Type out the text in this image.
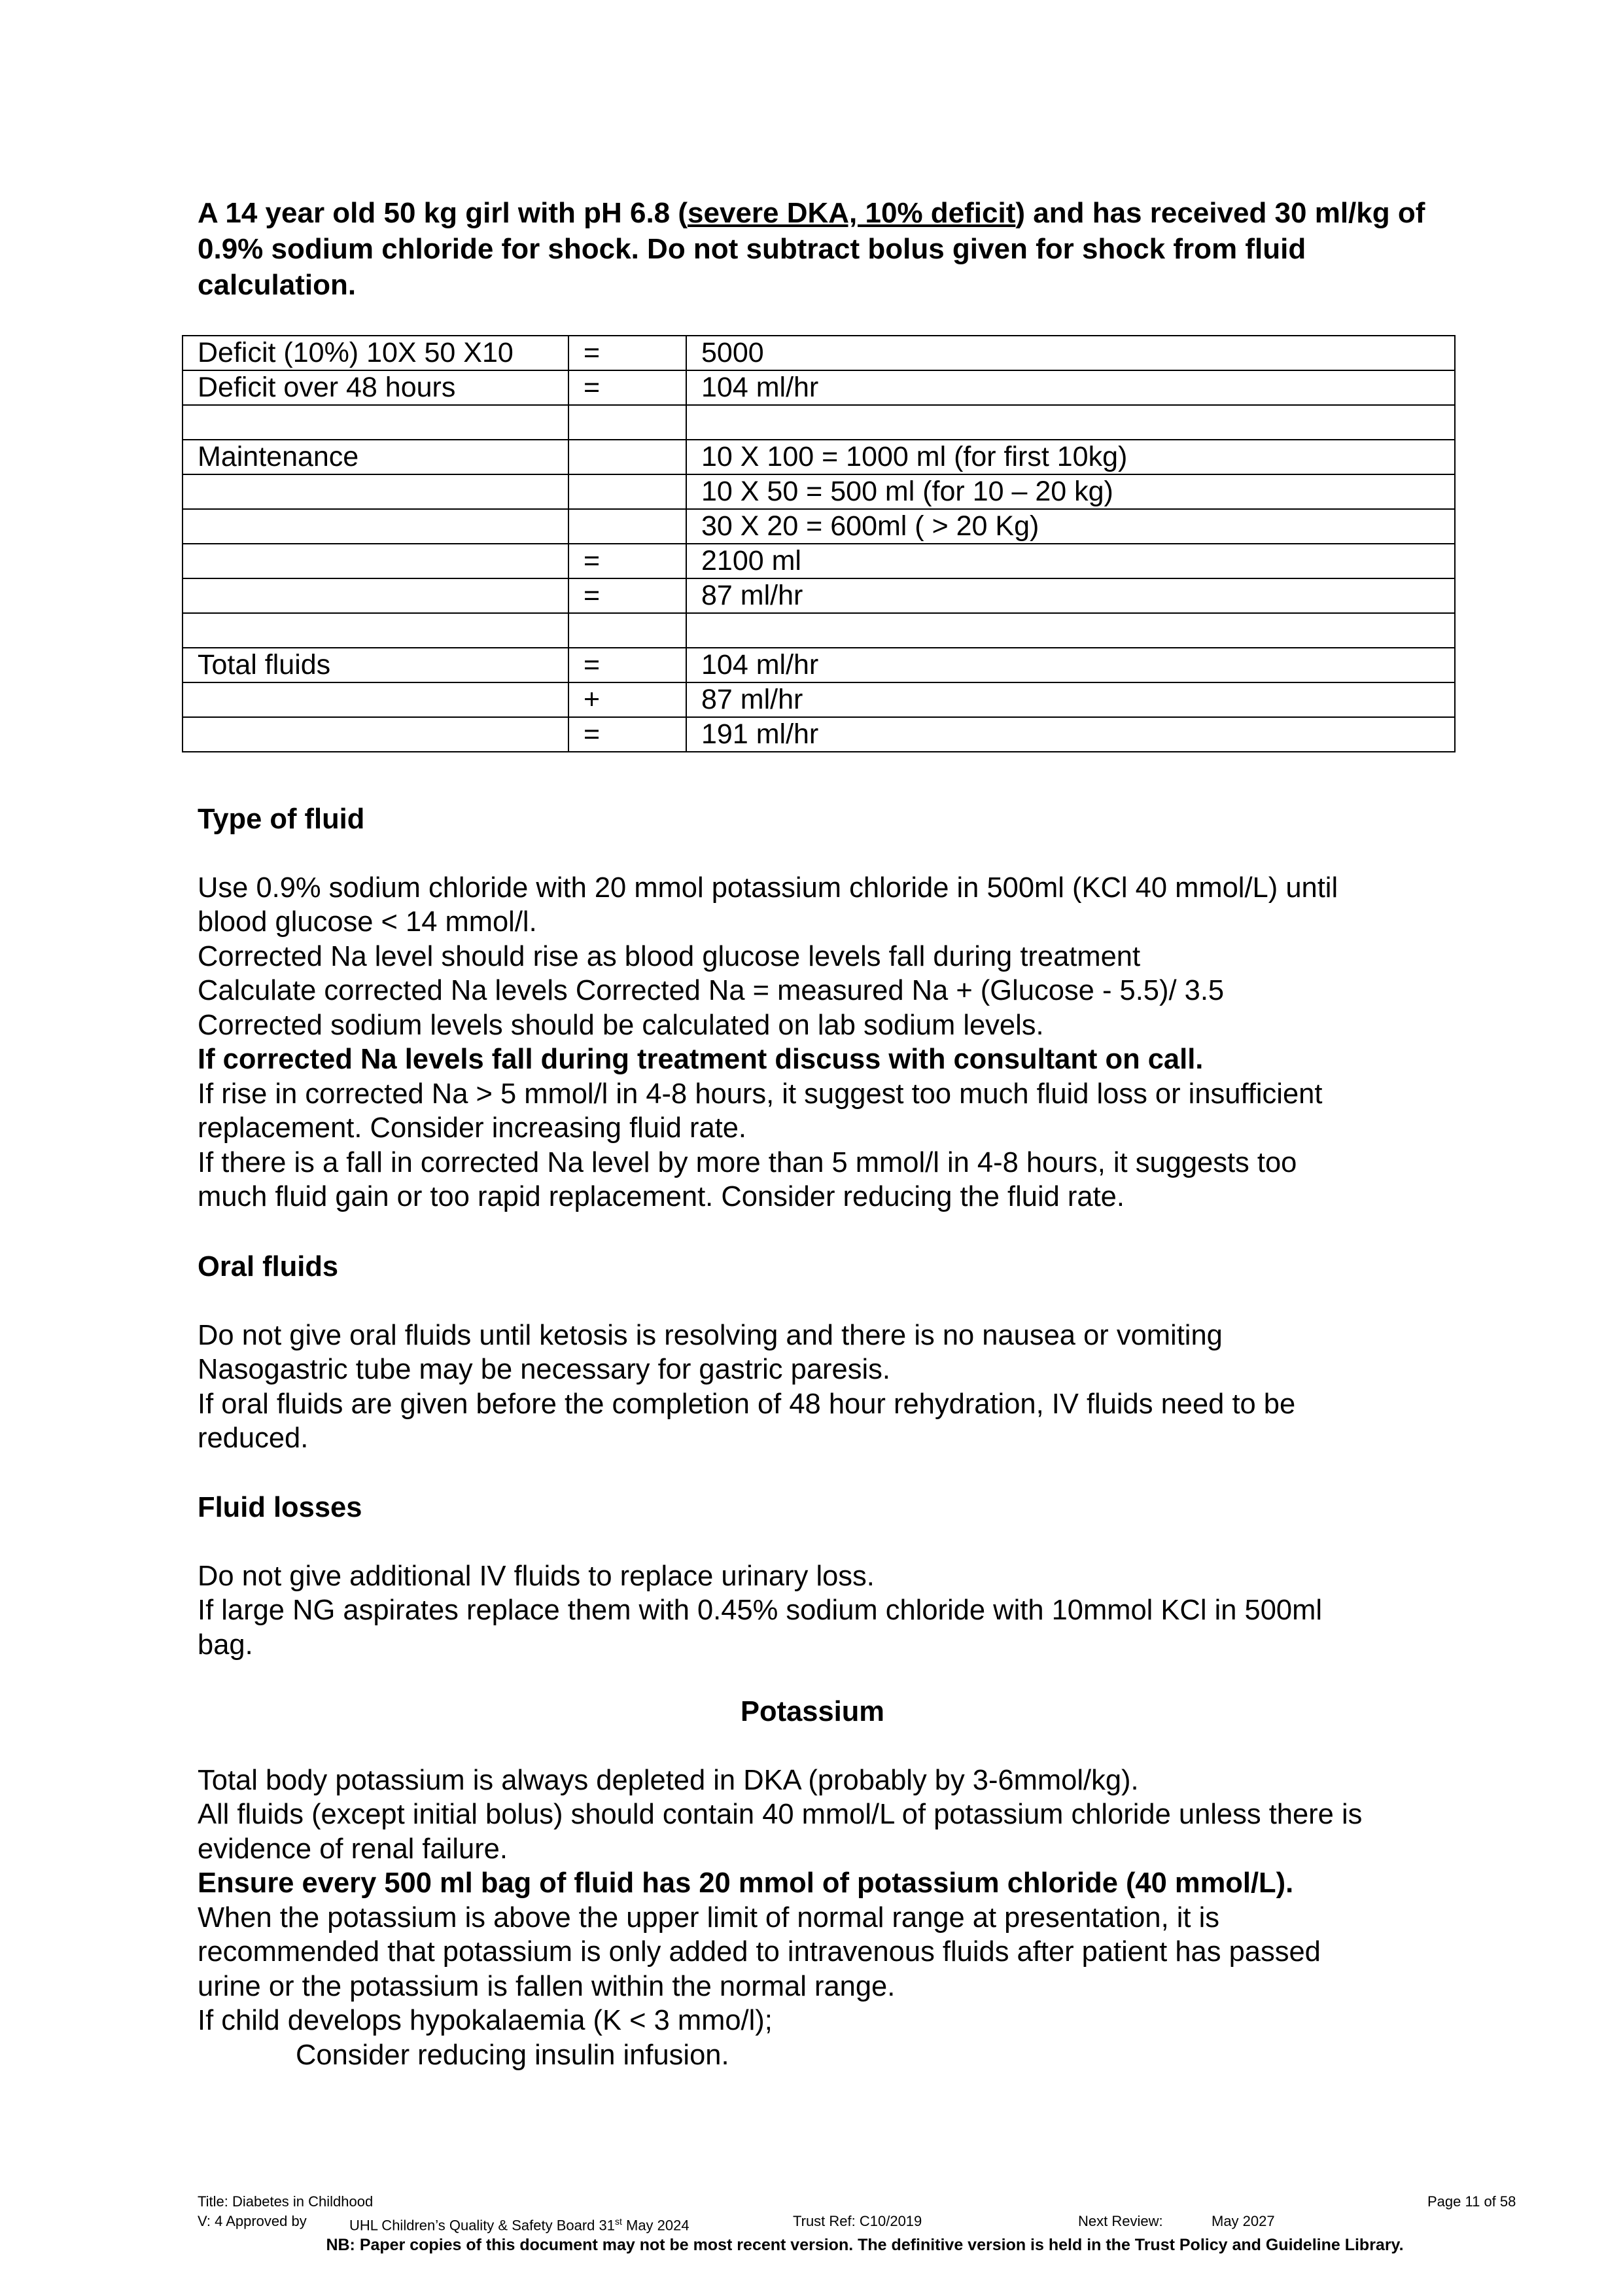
A 14 year old 50 kg girl with pH 6.8 (severe DKA, 10% deficit) and has received 30 ml/kg of 0.9% sodium chloride for shock. Do not subtract bolus given for shock from fluid calculation.

Deficit (10%) 10X 50 X10	=	5000
Deficit over 48 hours	=	104 ml/hr

Maintenance		10 X 100 = 1000 ml (for first 10kg)
		10 X 50 = 500 ml (for 10 – 20 kg)
		30 X 20 = 600ml ( > 20 Kg)
	=	2100 ml
	=	87 ml/hr

Total fluids	=	104 ml/hr
	+	87 ml/hr
	=	191 ml/hr

Type of fluid

Use 0.9% sodium chloride with 20 mmol potassium chloride in 500ml (KCl 40 mmol/L) until

blood glucose < 14 mmol/l.

Corrected Na level should rise as blood glucose levels fall during treatment

Calculate corrected Na levels Corrected Na = measured Na + (Glucose - 5.5)/ 3.5

Corrected sodium levels should be calculated on lab sodium levels.

If corrected Na levels fall during treatment discuss with consultant on call.

If rise in corrected Na > 5 mmol/l in 4-8 hours, it suggest too much fluid loss or insufficient

replacement. Consider increasing fluid rate.

If there is a fall in corrected Na level by more than 5 mmol/l in 4-8 hours, it suggests too

much fluid gain or too rapid replacement. Consider reducing the fluid rate.

Oral fluids

Do not give oral fluids until ketosis is resolving and there is no nausea or vomiting

Nasogastric tube may be necessary for gastric paresis.

If oral fluids are given before the completion of 48 hour rehydration, IV fluids need to be

reduced.

Fluid losses

Do not give additional IV fluids to replace urinary loss.

If large NG aspirates replace them with 0.45% sodium chloride with 10mmol KCl in 500ml

bag.

Potassium

Total body potassium is always depleted in DKA (probably by 3-6mmol/kg).

All fluids (except initial bolus) should contain 40 mmol/L of potassium chloride unless there is

evidence of renal failure.

Ensure every 500 ml bag of fluid has 20 mmol of potassium chloride (40 mmol/L).

When the potassium is above the upper limit of normal range at presentation, it is

recommended that potassium is only added to intravenous fluids after patient has passed

urine or the potassium is fallen within the normal range.

If child develops hypokalaemia (K < 3 mmo/l);

Consider reducing insulin infusion.

Title: Diabetes in Childhood	Page 11 of 58
V: 4 Approved by	UHL Children’s Quality & Safety Board 31st May 2024	Trust Ref: C10/2019	Next Review:	May 2027
NB: Paper copies of this document may not be most recent version. The definitive version is held in the Trust Policy and Guideline Library.
